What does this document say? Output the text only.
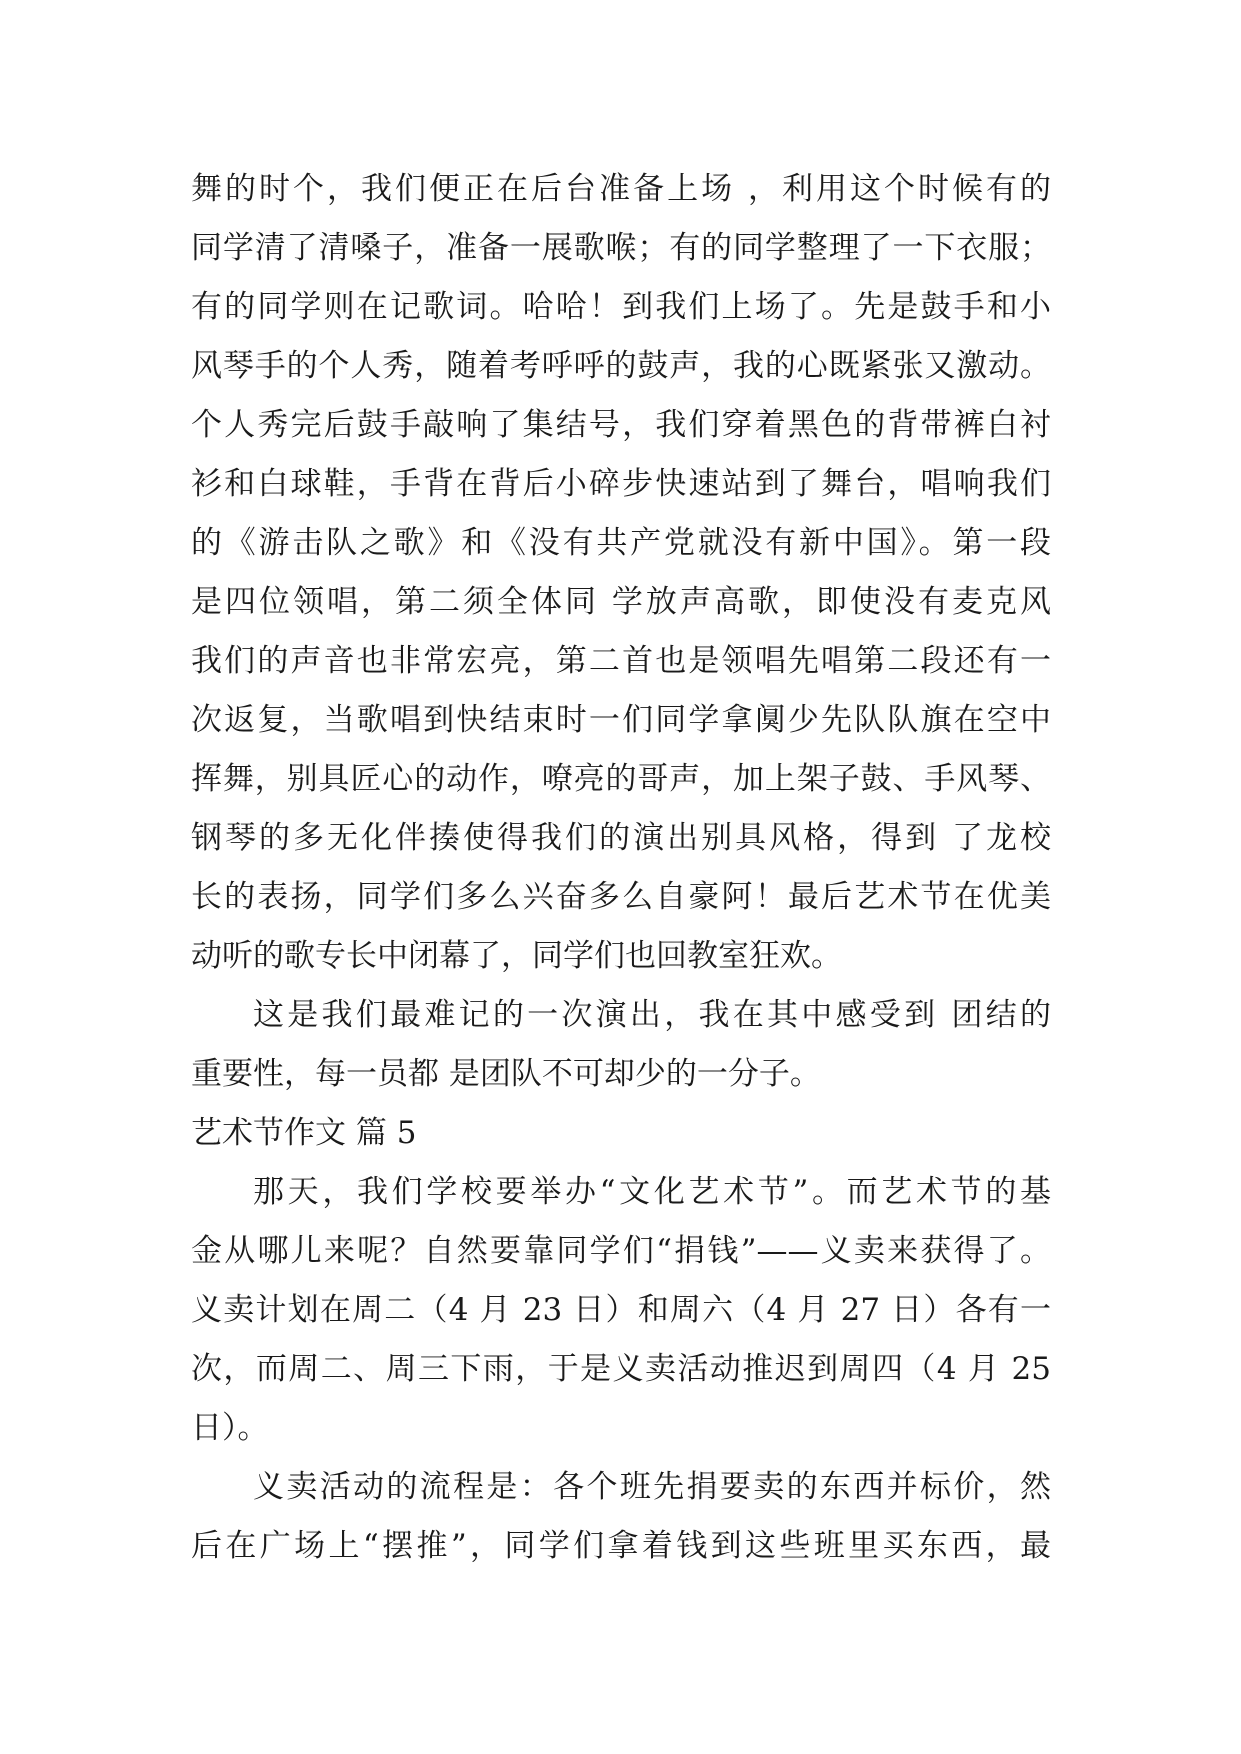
舞的时个，我们便正在后台准备上场 ，利用这个时候有的
同学清了清嗓子，准备一展歌喉；有的同学整理了一下衣服；
有的同学则在记歌词。哈哈！到我们上场了。先是鼓手和小
风琴手的个人秀，随着考呼呼的鼓声，我的心既紧张又激动。
个人秀完后鼓手敲响了集结号，我们穿着黑色的背带裤白衬
衫和白球鞋，手背在背后小碎步快速站到了舞台，唱响我们
的《游击队之歌》和《没有共产党就没有新中国》。第一段
是四位领唱，第二须全体同 学放声高歌，即使没有麦克风
我们的声音也非常宏亮，第二首也是领唱先唱第二段还有一
次返复，当歌唱到快结束时一们同学拿阒少先队队旗在空中
挥舞，别具匠心的动作，嘹亮的哥声，加上架子鼓、手风琴、
钢琴的多无化伴揍使得我们的演出别具风格，得到 了龙校
长的表扬，同学们多么兴奋多么自豪阿！最后艺术节在优美
动听的歌专长中闭幕了，同学们也回教室狂欢。
这是我们最难记的一次演出，我在其中感受到 团结的
重要性，每一员都 是团队不可却少的一分子。
艺术节作文 篇 5
那天，我们学校要举办“文化艺术节”。而艺术节的基
金从哪儿来呢？自然要靠同学们“捐钱”——义卖来获得了。
义卖计划在周二（4 月 23 日）和周六（4 月 27 日）各有一
次，而周二、周三下雨，于是义卖活动推迟到周四（4 月 25
日）。
义卖活动的流程是：各个班先捐要卖的东西并标价，然
后在广场上“摆推”，同学们拿着钱到这些班里买东西，最
